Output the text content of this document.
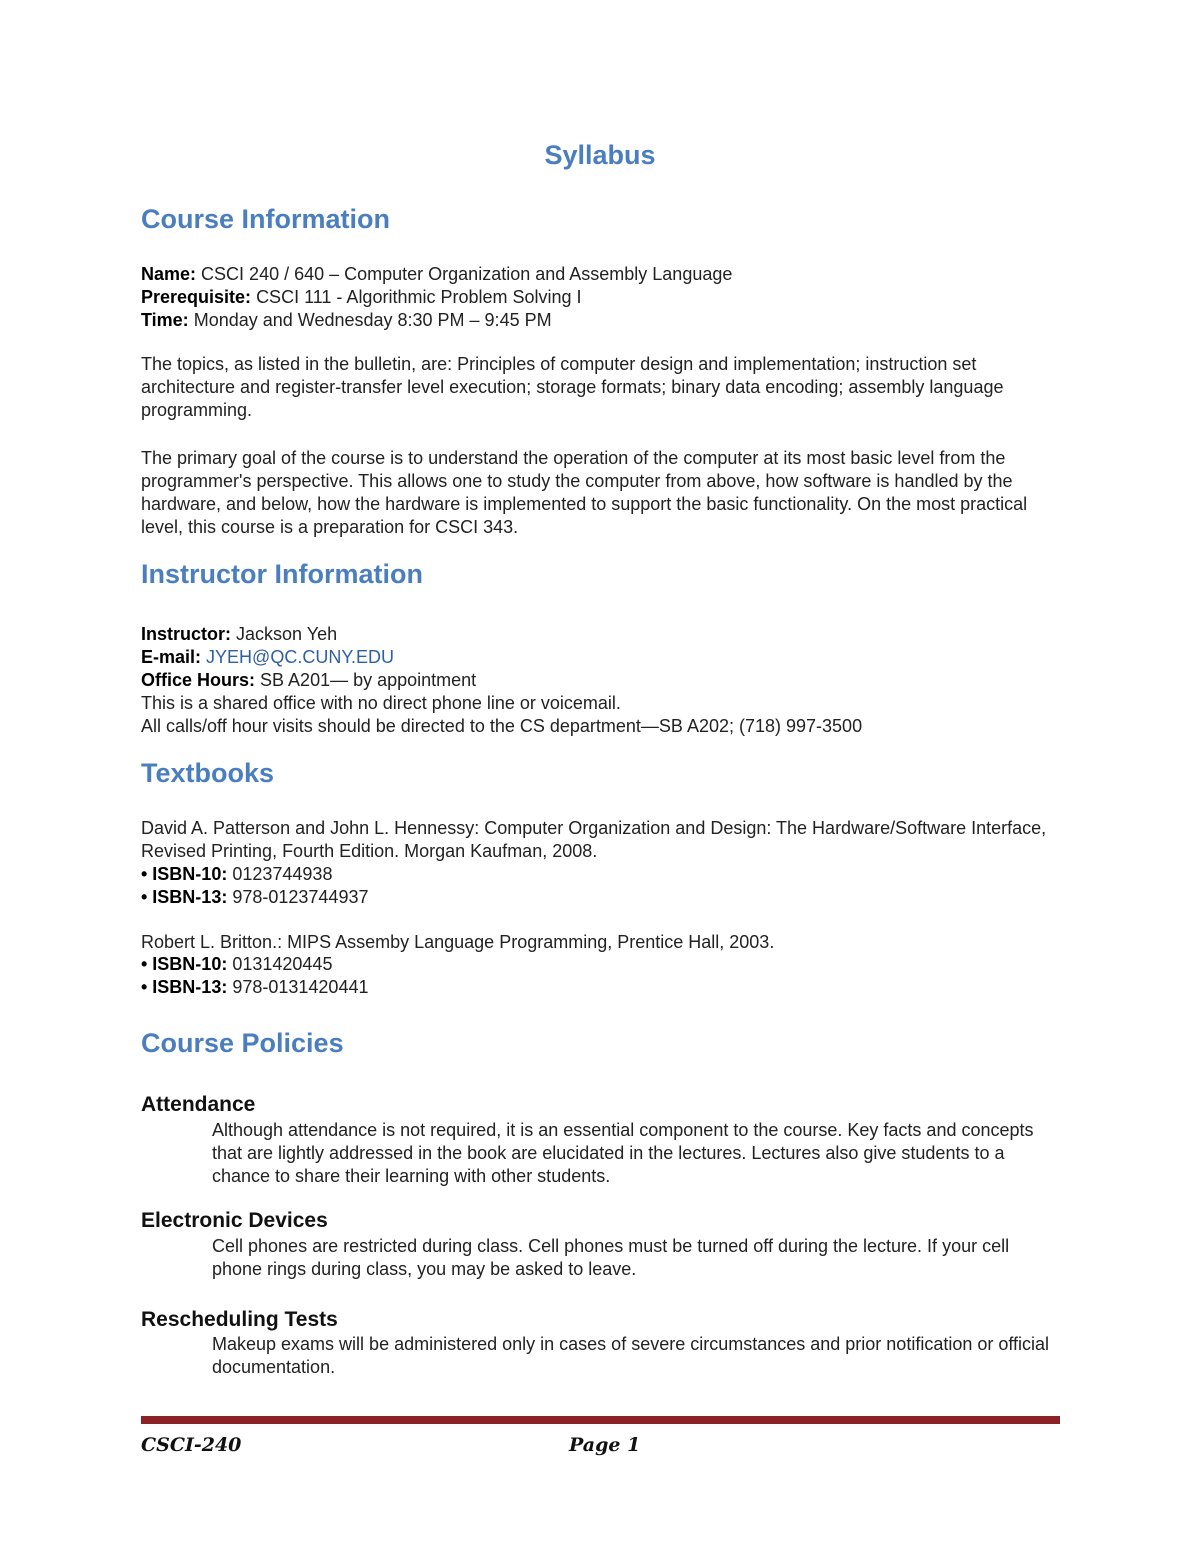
Syllabus
Course Information
Name: CSCI 240 / 640 – Computer Organization and Assembly Language
Prerequisite: CSCI 111 - Algorithmic Problem Solving I
Time: Monday and Wednesday 8:30 PM – 9:45 PM

The topics, as listed in the bulletin, are: Principles of computer design and implementation; instruction set architecture and register-transfer level execution; storage formats; binary data encoding; assembly language programming.

The primary goal of the course is to understand the operation of the computer at its most basic level from the programmer's perspective. This allows one to study the computer from above, how software is handled by the hardware, and below, how the hardware is implemented to support the basic functionality. On the most practical level, this course is a preparation for CSCI 343.

Instructor Information
Instructor: Jackson Yeh
E-mail: JYEH@QC.CUNY.EDU
Office Hours: SB A201— by appointment
This is a shared office with no direct phone line or voicemail.
All calls/off hour visits should be directed to the CS department—SB A202; (718) 997-3500
Textbooks

David A. Patterson and John L. Hennessy: Computer Organization and Design: The Hardware/Software Interface, Revised Printing, Fourth Edition. Morgan Kaufman, 2008.

• ISBN-10: 0123744938
• ISBN-13: 978-0123744937
Robert L. Britton.: MIPS Assemby Language Programming, Prentice Hall, 2003.
• ISBN-10: 0131420445
• ISBN-13: 978-0131420441
Course Policies
Attendance

Although attendance is not required, it is an essential component to the course. Key facts and concepts that are lightly addressed in the book are elucidated in the lectures. Lectures also give students to a chance to share their learning with other students.

Electronic Devices

Cell phones are restricted during class. Cell phones must be turned off during the lecture. If your cell phone rings during class, you may be asked to leave.

Rescheduling Tests

Makeup exams will be administered only in cases of severe circumstances and prior notification or official documentation.

CSCI-240	Page 1
